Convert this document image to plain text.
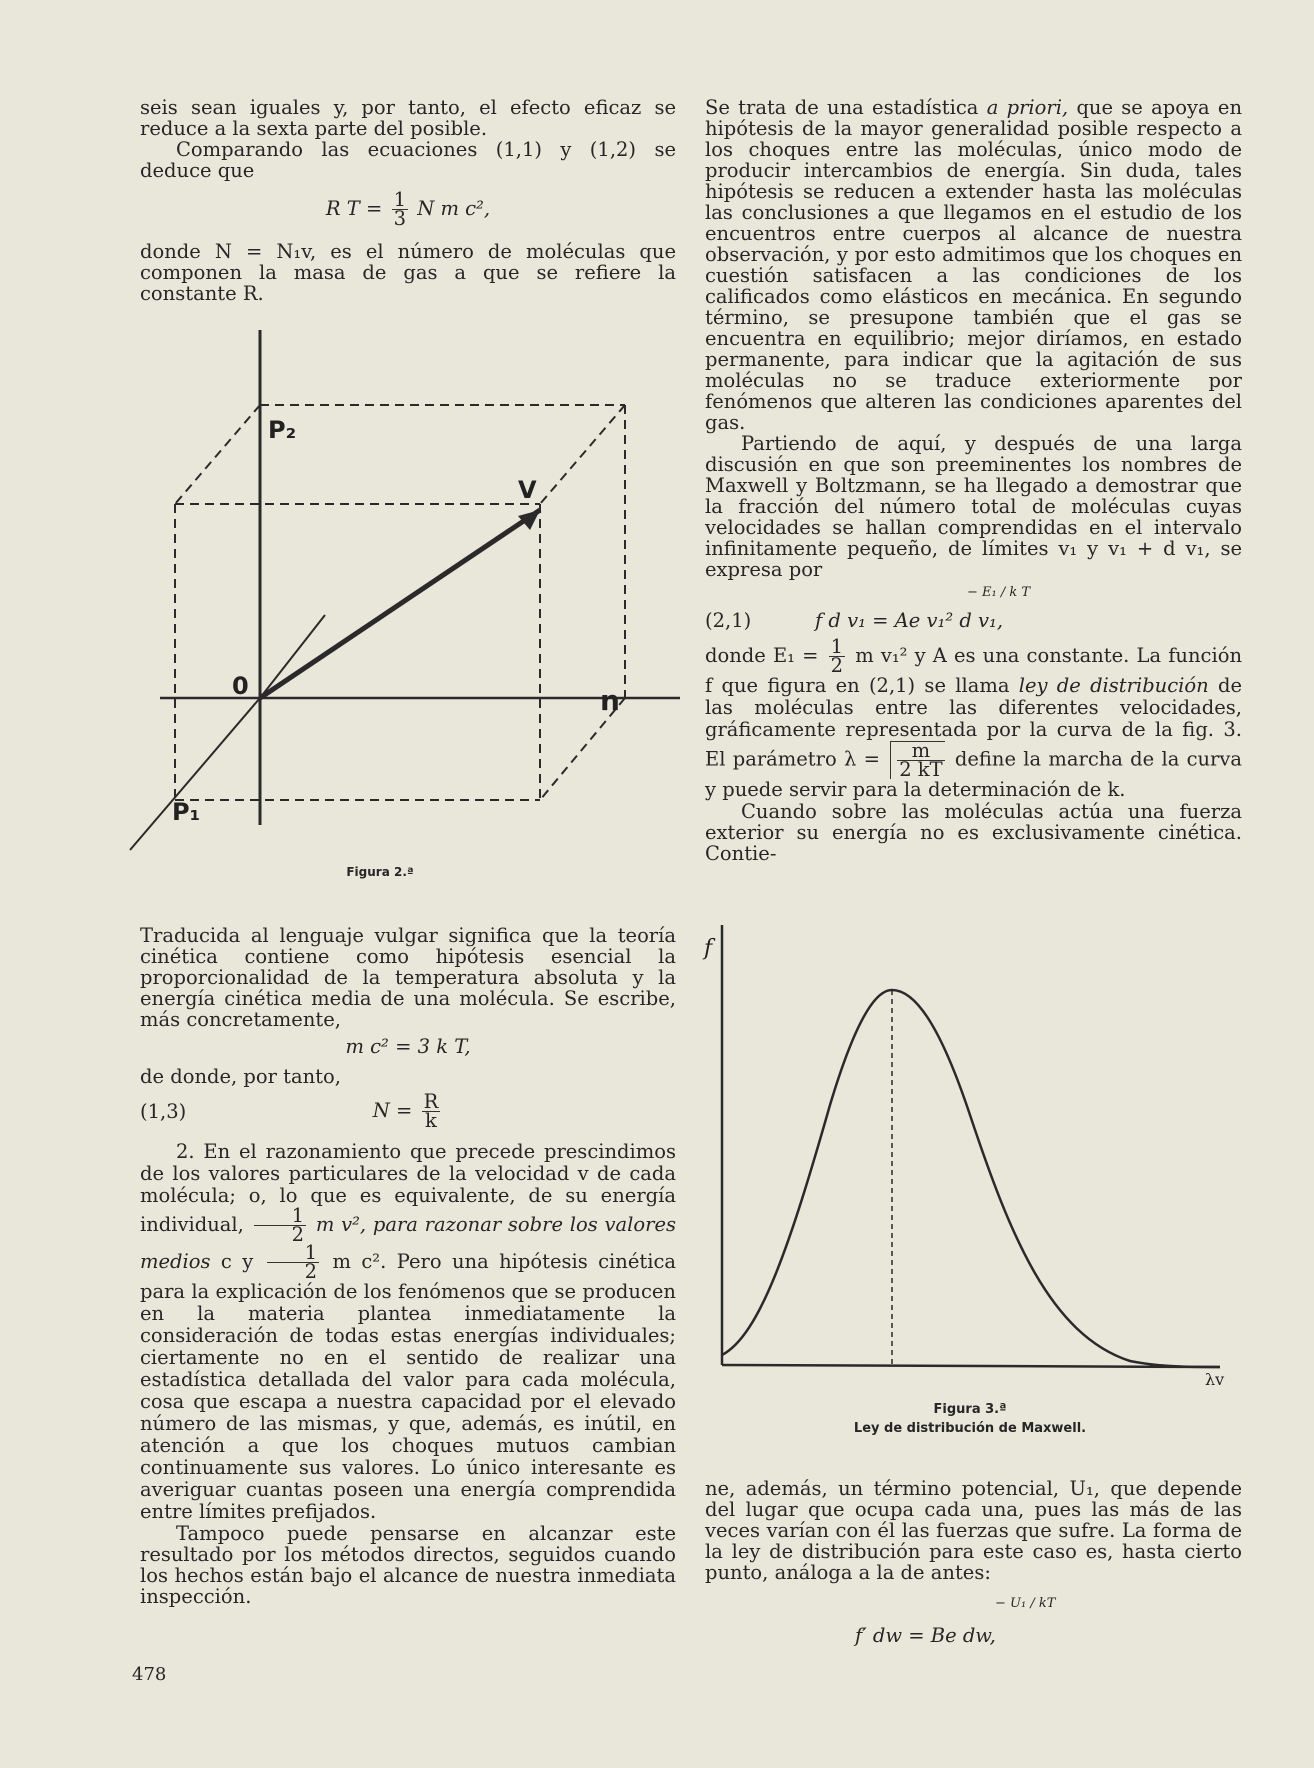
seis sean iguales y, por tanto, el efecto eficaz se reduce a la sexta parte del posible.

Comparando las ecuaciones (1,1) y (1,2) se deduce que

R $T = \frac{1}{3}$ N m c²,

donde N = N₁v, es el número de moléculas que componen la masa de gas a que se refiere la constante R.

P₂
V
0	n
P₁
Figura 2.ª

Traducida al lenguaje vulgar significa que la teoría cinética contiene como hipótesis esencial la proporcionalidad de la temperatura absoluta y la energía cinética media de una molécula. Se escribe, más concretamente,

m c² = 3 k T,

de donde, por tanto,

(1,3)	$N = \frac{R}{k}$

2. En el razonamiento que precede prescindimos de los valores particulares de la velocidad v de cada molécula; o, lo que es equivalente, de su energía individual, $\frac{1}{2}$ m v², para razonar sobre los valores medios c y $\frac{1}{2}$ m c². Pero una hipótesis cinética para la explicación de los fenómenos que se producen en la materia plantea inmediatamente la consideración de todas estas energías individuales; ciertamente no en el sentido de realizar una estadística detallada del valor para cada molécula, cosa que escapa a nuestra capacidad por el elevado número de las mismas, y que, además, es inútil, en atención a que los choques mutuos cambian continuamente sus valores. Lo único interesante es averiguar cuantas poseen una energía comprendida entre límites prefijados.

Tampoco puede pensarse en alcanzar este resultado por los métodos directos, seguidos cuando los hechos están bajo el alcance de nuestra inmediata inspección.

478

Se trata de una estadística a priori, que se apoya en hipótesis de la mayor generalidad posible respecto a los choques entre las moléculas, único modo de producir intercambios de energía. Sin duda, tales hipótesis se reducen a extender hasta las moléculas las conclusiones a que llegamos en el estudio de los encuentros entre cuerpos al alcance de nuestra observación, y por esto admitimos que los choques en cuestión satisfacen a las condiciones de los calificados como elásticos en mecánica. En segundo término, se presupone también que el gas se encuentra en equilibrio; mejor diríamos, en estado permanente, para indicar que la agitación de sus moléculas no se traduce exteriormente por fenómenos que alteren las condiciones aparentes del gas.

Partiendo de aquí, y después de una larga discusión en que son preeminentes los nombres de Maxwell y Boltzmann, se ha llegado a demostrar que la fracción del número total de moléculas cuyas velocidades se hallan comprendidas en el intervalo infinitamente pequeño, de límites v₁ y v₁ + d v₁, se expresa por

(2,1)
− E₁ / k T
f d v₁ = Ae v₁² d v₁,

donde $E_1 = \frac{1}{2}$ m v₁² y A es una constante. La función f que figura en (2,1) se llama ley de distribución de las moléculas entre las diferentes velocidades, gráficamente representada por la curva de la fig. 3. El parámetro $\lambda = \frac{m}{2 kT}$ define la marcha de la curva y puede servir para la determinación de k.

Cuando sobre las moléculas actúa una fuerza exterior su energía no es exclusivamente cinética. Contie-

f
λv
Figura 3.ª
Ley de distribución de Maxwell.

ne, además, un término potencial, U₁, que depende del lugar que ocupa cada una, pues las más de las veces varían con él las fuerzas que sufre. La forma de la ley de distribución para este caso es, hasta cierto punto, análoga a la de antes:

− U₁ / kT
f′ dw = Be dw,
